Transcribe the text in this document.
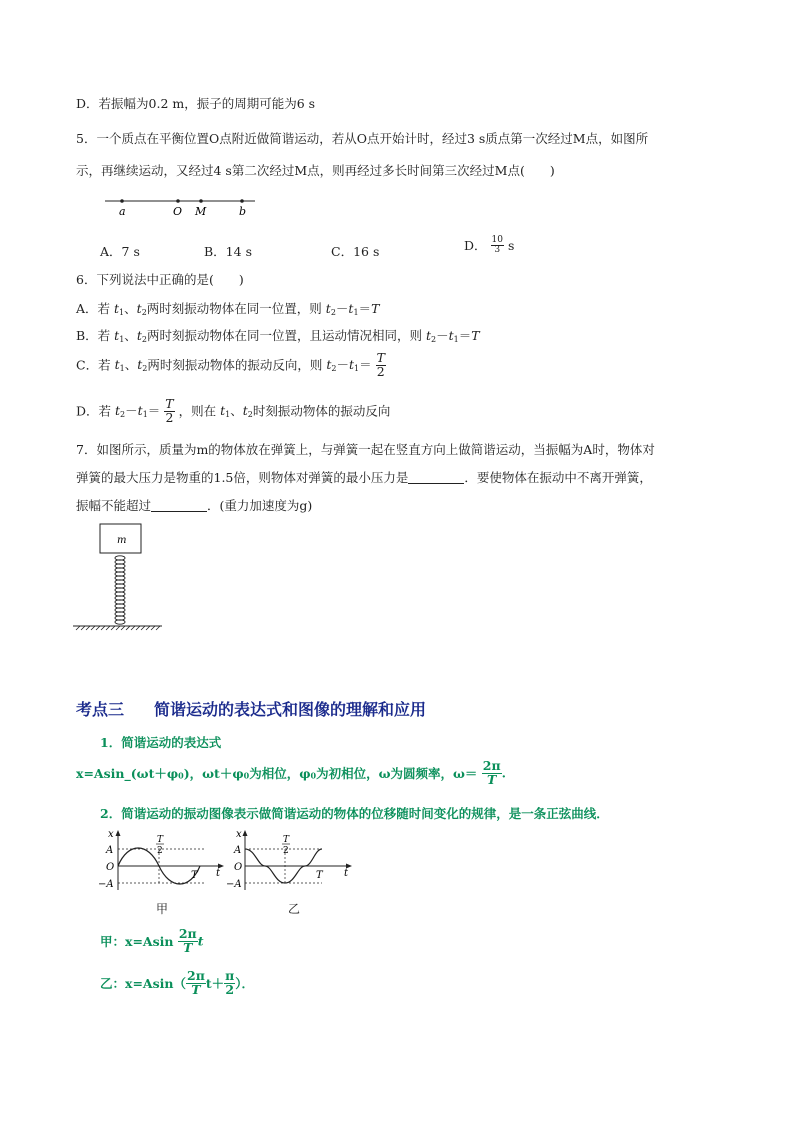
D．若振幅为0.2 m，振子的周期可能为6 s
5．一个质点在平衡位置O点附近做简谐运动，若从O点开始计时，经过3 s质点第一次经过M点，如图所
示，再继续运动，又经过4 s第二次经过M点，则再经过多长时间第三次经过M点(　　)
a	O M	b
A．7 s	B．14 s	C．16 s	D． $\frac{10}{3}$ s
6．下列说法中正确的是(　　)
A．若 $t_1$、$t_2$两时刻振动物体在同一位置，则 $t_2-t_1=T$
B．若 $t_1$、$t_2$两时刻振动物体在同一位置，且运动情况相同，则 $t_2-t_1=T$
C．若 $t_1$、$t_2$两时刻振动物体的振动反向，则 $t_2-t_1= \frac{T}{2}$
D．若 $t_2-t_1= \frac{T}{2}$ ，则在 $t_1$、$t_2$时刻振动物体的振动反向
7．如图所示，质量为m的物体放在弹簧上，与弹簧一起在竖直方向上做简谐运动，当振幅为A时，物体对
弹簧的最大压力是物重的1.5倍，则物体对弹簧的最小压力是	．要使物体在振动中不离开弹簧，
振幅不能超过	．(重力加速度为g)
m
考点三 简谐运动的表达式和图像的理解和应用
1．简谐运动的表达式
$x=Asin\_(\omega t+\varphi_0)$，$\omega t+\varphi_0$为相位，$\varphi_0$为初相位，ω为圆频率，$\omega= \frac{2\pi}{T}$ .
2．简谐运动的振动图像表示做简谐运动的物体的位移随时间变化的规律，是一条正弦曲线．
x
A
O
−A
T
2
T t
甲
x
A
O
−A
T
2
T t
乙
甲：$x=Asin \frac{2\pi}{T}$ t
乙：$x=Asin( \frac{2\pi}{T} t+ \frac{\pi}{2}$ ）．
